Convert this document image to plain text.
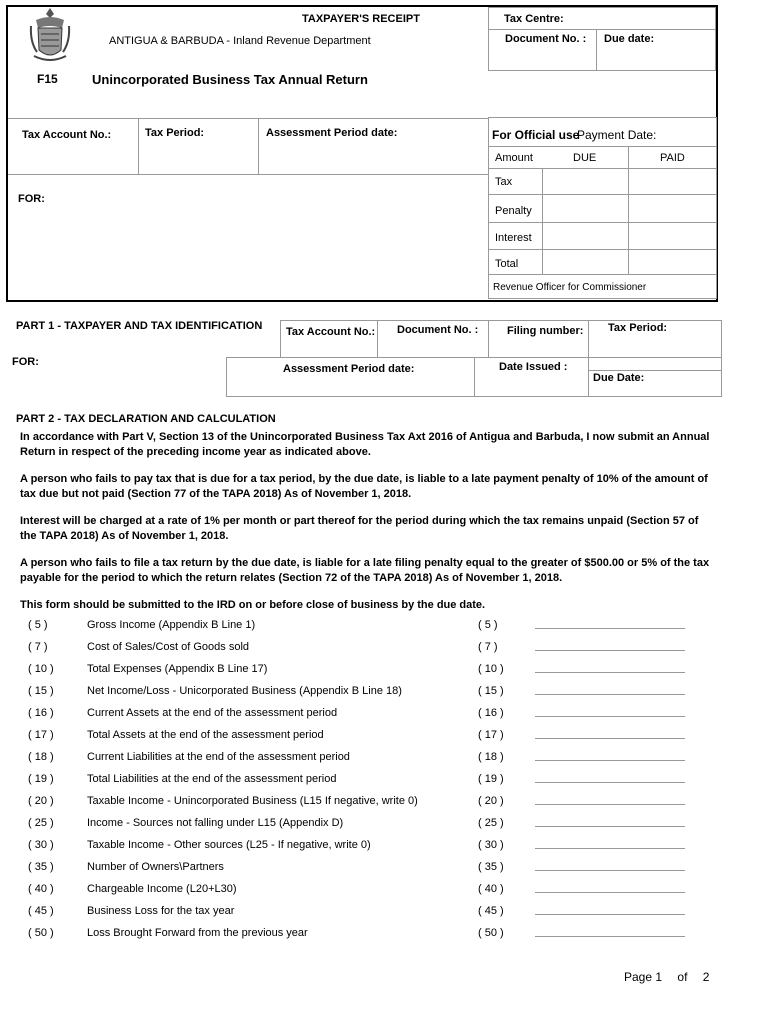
TAXPAYER'S RECEIPT
ANTIGUA & BARBUDA - Inland Revenue Department
F15	Unincorporated Business Tax Annual Return
Tax Centre:
Document No. : Due date:
Tax Account No.:	Tax Period:	Assessment Period date:
FOR:
For Official use
Payment Date:
Amount	DUE	PAID
Tax
Penalty
Interest
Total
Revenue Officer for Commissioner
PART 1 - TAXPAYER AND TAX IDENTIFICATION
FOR:
Tax Account No.: Document No. :	Filing number: Tax Period:
Assessment Period date:	Date Issued :
Due Date:
PART 2 - TAX DECLARATION AND CALCULATION
In accordance with Part V, Section 13 of the Unincorporated Business Tax Axt 2016 of Antigua and Barbuda, I now submit an Annual Return in respect of the preceding income year as indicated above.
A person who fails to pay tax that is due for a tax period, by the due date, is liable to a late payment penalty of 10% of the amount of tax due but not paid (Section 77 of the TAPA 2018) As of November 1, 2018.
Interest will be charged at a rate of 1% per month or part thereof for the period during which the tax remains unpaid (Section 57 of the TAPA 2018) As of November 1, 2018.
A person who fails to file a tax return by the due date, is liable for a late filing penalty equal to the greater of $500.00 or 5% of the tax payable for the period to which the return relates (Section 72 of the TAPA 2018) As of November 1, 2018.
This form should be submitted to the IRD on or before close of business by the due date.
( 5 )	Gross Income (Appendix B Line 1)	( 5 )
( 7 )	Cost of Sales/Cost of Goods sold	( 7 )
( 10 )	Total Expenses (Appendix B Line 17)	( 10 )
( 15 )	Net Income/Loss - Unicorporated Business (Appendix B Line 18)	( 15 )
( 16 )	Current Assets at the end of the assessment period	( 16 )
( 17 )	Total Assets at the end of the assessment period	( 17 )
( 18 )	Current Liabilities at the end of the assessment period	( 18 )
( 19 )	Total Liabilities at the end of the assessment period	( 19 )
( 20 )	Taxable Income - Unincorporated Business (L15 If negative, write 0)	( 20 )
( 25 )	Income - Sources not falling under L15 (Appendix D)	( 25 )
( 30 )	Taxable Income - Other sources (L25 - If negative, write 0)	( 30 )
( 35 )	Number of Owners\Partners	( 35 )
( 40 )	Chargeable Income (L20+L30)	( 40 )
( 45 )	Business Loss for the tax year	( 45 )
( 50 )	Loss Brought Forward from the previous year	( 50 )
Page 1 of 2
